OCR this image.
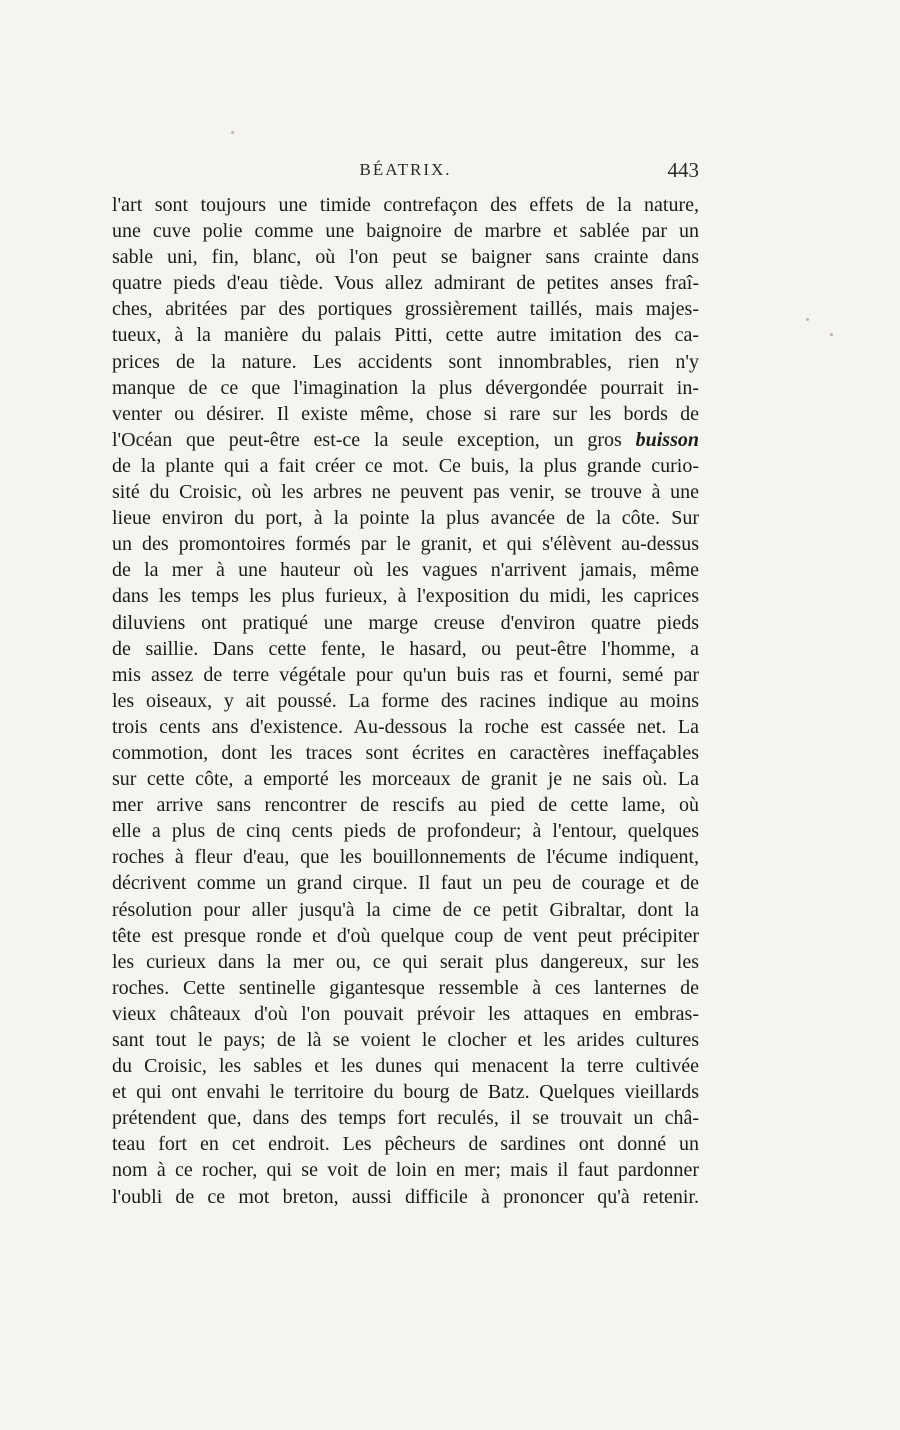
BÉATRIX.	443
l'art sont toujours une timide contrefaçon des effets de la nature,
une cuve polie comme une baignoire de marbre et sablée par un
sable uni, fin, blanc, où l'on peut se baigner sans crainte dans
quatre pieds d'eau tiède. Vous allez admirant de petites anses fraî-
ches, abritées par des portiques grossièrement taillés, mais majes-
tueux, à la manière du palais Pitti, cette autre imitation des ca-
prices de la nature. Les accidents sont innombrables, rien n'y
manque de ce que l'imagination la plus dévergondée pourrait in-
venter ou désirer. Il existe même, chose si rare sur les bords de
l'Océan que peut-être est-ce la seule exception, un gros buisson
de la plante qui a fait créer ce mot. Ce buis, la plus grande curio-
sité du Croisic, où les arbres ne peuvent pas venir, se trouve à une
lieue environ du port, à la pointe la plus avancée de la côte. Sur
un des promontoires formés par le granit, et qui s'élèvent au-dessus
de la mer à une hauteur où les vagues n'arrivent jamais, même
dans les temps les plus furieux, à l'exposition du midi, les caprices
diluviens ont pratiqué une marge creuse d'environ quatre pieds
de saillie. Dans cette fente, le hasard, ou peut-être l'homme, a
mis assez de terre végétale pour qu'un buis ras et fourni, semé par
les oiseaux, y ait poussé. La forme des racines indique au moins
trois cents ans d'existence. Au-dessous la roche est cassée net. La
commotion, dont les traces sont écrites en caractères ineffaçables
sur cette côte, a emporté les morceaux de granit je ne sais où. La
mer arrive sans rencontrer de rescifs au pied de cette lame, où
elle a plus de cinq cents pieds de profondeur; à l'entour, quelques
roches à fleur d'eau, que les bouillonnements de l'écume indiquent,
décrivent comme un grand cirque. Il faut un peu de courage et de
résolution pour aller jusqu'à la cime de ce petit Gibraltar, dont la
tête est presque ronde et d'où quelque coup de vent peut précipiter
les curieux dans la mer ou, ce qui serait plus dangereux, sur les
roches. Cette sentinelle gigantesque ressemble à ces lanternes de
vieux châteaux d'où l'on pouvait prévoir les attaques en embras-
sant tout le pays; de là se voient le clocher et les arides cultures
du Croisic, les sables et les dunes qui menacent la terre cultivée
et qui ont envahi le territoire du bourg de Batz. Quelques vieillards
prétendent que, dans des temps fort reculés, il se trouvait un châ-
teau fort en cet endroit. Les pêcheurs de sardines ont donné un
nom à ce rocher, qui se voit de loin en mer; mais il faut pardonner
l'oubli de ce mot breton, aussi difficile à prononcer qu'à retenir.
